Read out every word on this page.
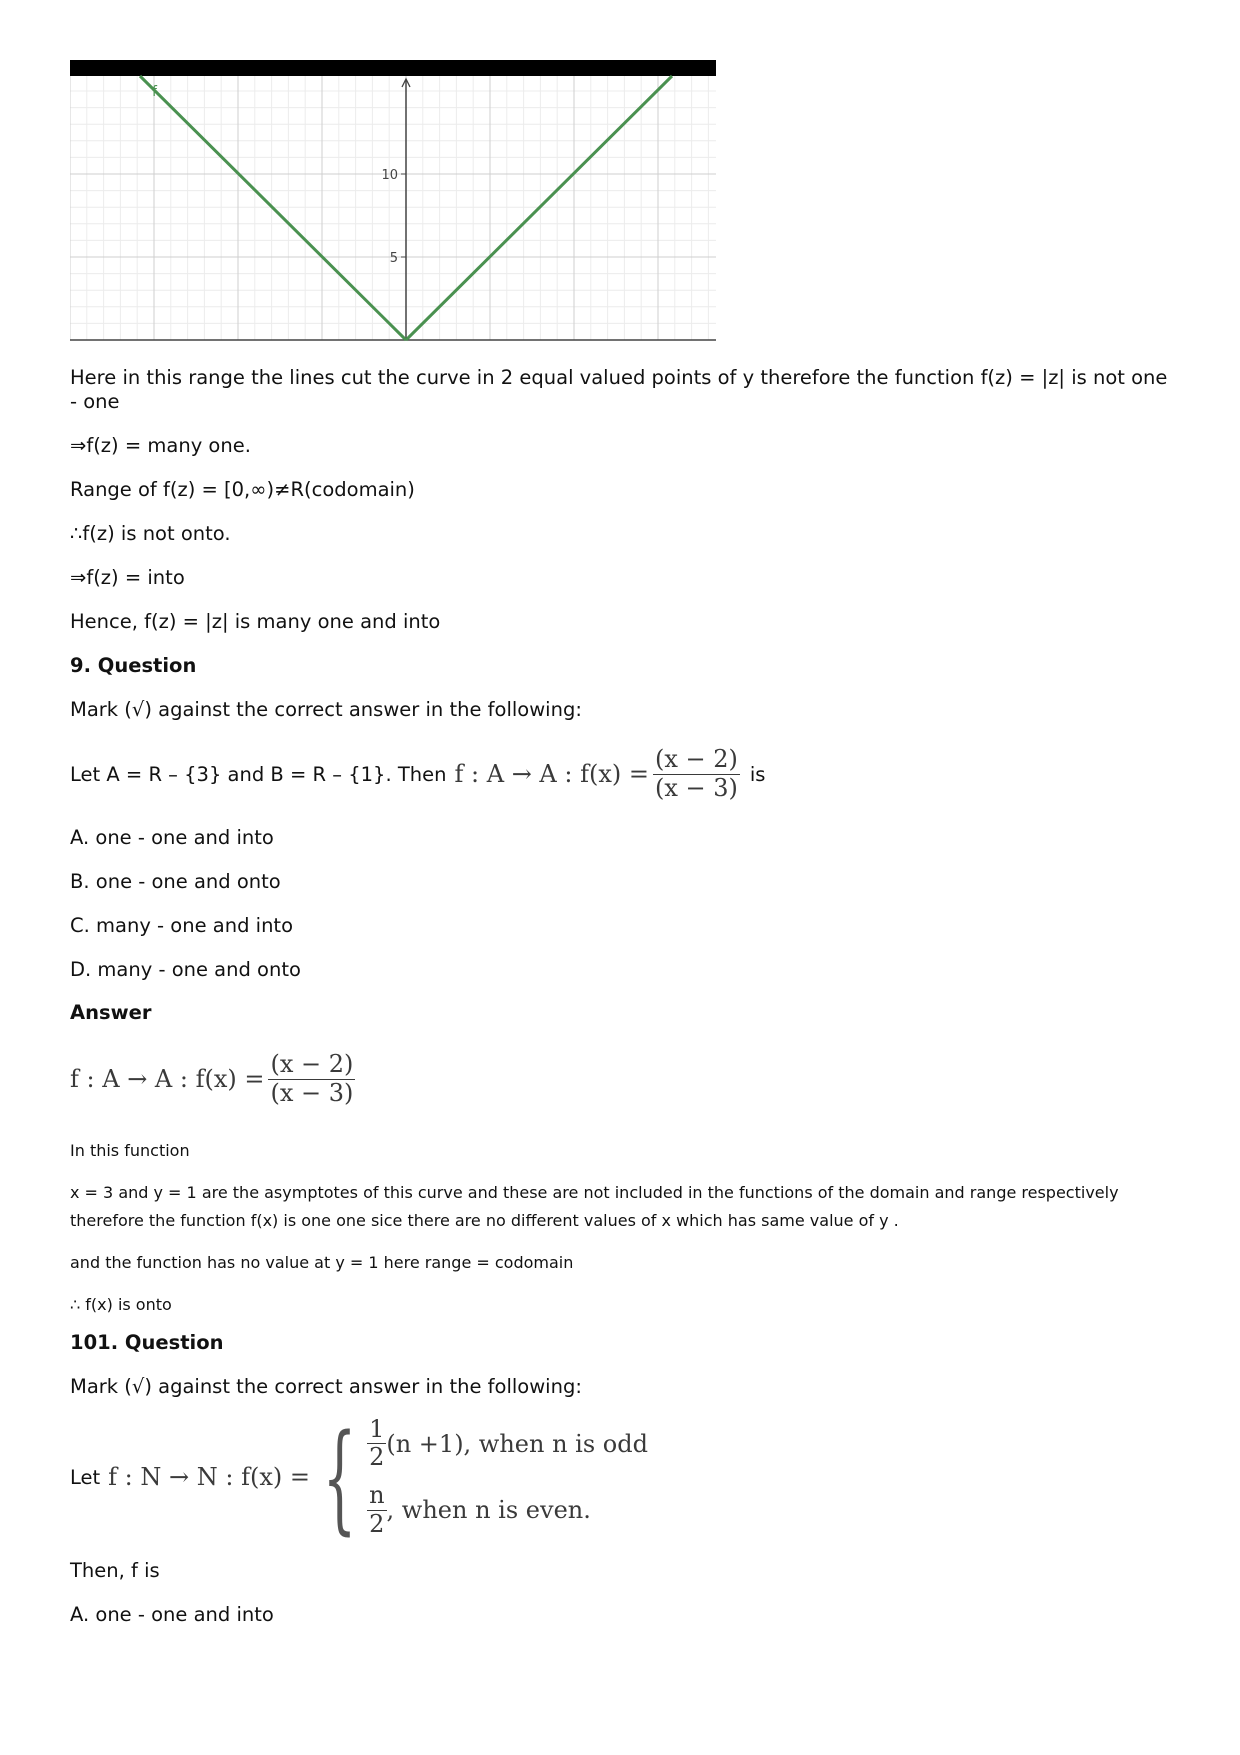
10
5
f

Here in this range the lines cut the curve in 2 equal valued points of y therefore the function f(z) = |z| is not one - one

⇒f(z) = many one.

Range of f(z) = [0,∞)≠R(codomain)

∴f(z) is not onto.

⇒f(z) = into

Hence, f(z) = |z| is many one and into

9. Question

Mark (√) against the correct answer in the following:

Let A = R – {3} and B = R – {1}. Then f : A → A : $f(x) = \frac{(x - 2)}{(x - 3)}$ is

A. one - one and into

B. one - one and onto

C. many - one and into

D. many - one and onto

Answer

f : A → A : $f(x) = \frac{(x - 2)}{(x - 3)}$

In this function

x = 3 and y = 1 are the asymptotes of this curve and these are not included in the functions of the domain and range respectively therefore the function f(x) is one one sice there are no different values of x which has same value of y .

and the function has no value at y = 1 here range = codomain

∴ f(x) is onto

101. Question

Mark (√) against the correct answer in the following:

Let f : N → N : f(x) = { $\frac{1}{2} (n +1)$, when n is odd
$\frac{n}{2}$ , when n is even.

Then, f is

A. one - one and into
